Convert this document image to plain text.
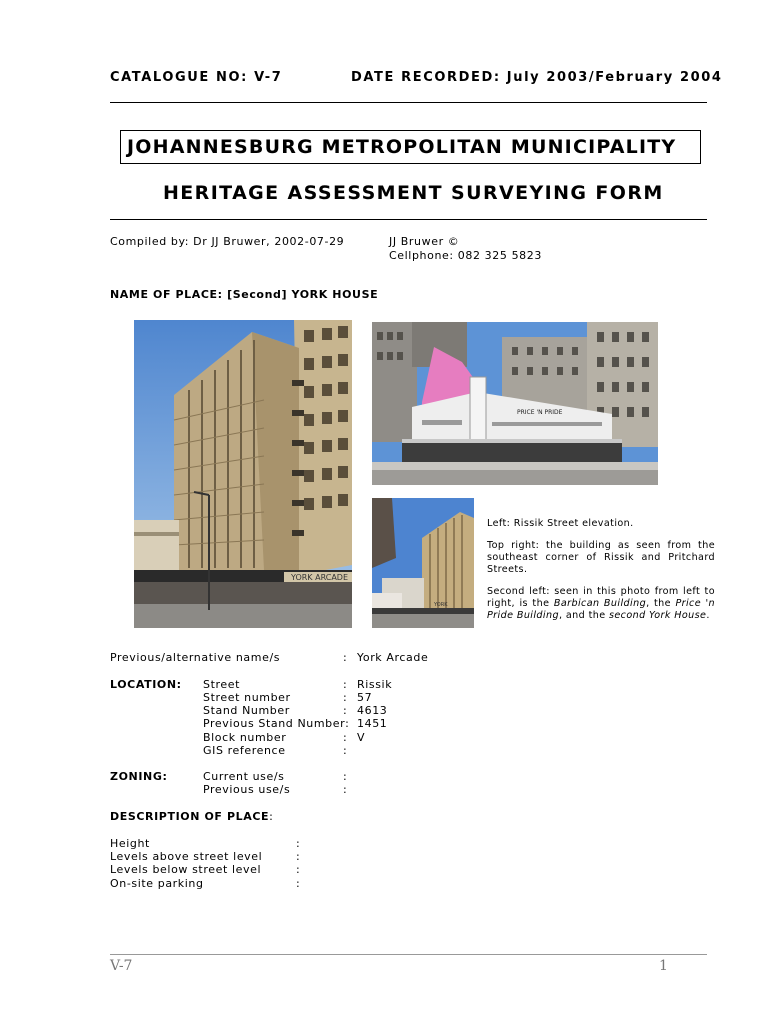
CATALOGUE NO: V-7	DATE RECORDED: July 2003/February 2004
JOHANNESBURG METROPOLITAN MUNICIPALITY
HERITAGE ASSESSMENT SURVEYING FORM
Compiled by: Dr JJ Bruwer, 2002-07-29	JJ Bruwer ©
Cellphone: 082 325 5823
NAME OF PLACE: [Second] YORK HOUSE
YORK ARCADE
PRICE 'N PRIDE
YORK

Left: Rissik Street elevation.

Top right: the building as seen from the southeast corner of Rissik and Pritchard Streets.

Second left: seen in this photo from left to right, is the Barbican Building, the Price 'n Pride Building, and the second York House.

Previous/alternative name/s	: York Arcade
LOCATION: Street	: Rissik
Street number	: 57
Stand Number	: 4613
Previous Stand Number: 1451
Block number	: V
GIS reference	:
ZONING:	Current use/s	:
Previous use/s	:
DESCRIPTION OF PLACE:
Height	:
Levels above street level	:
Levels below street level	:
On-site parking	:
V-7	1
